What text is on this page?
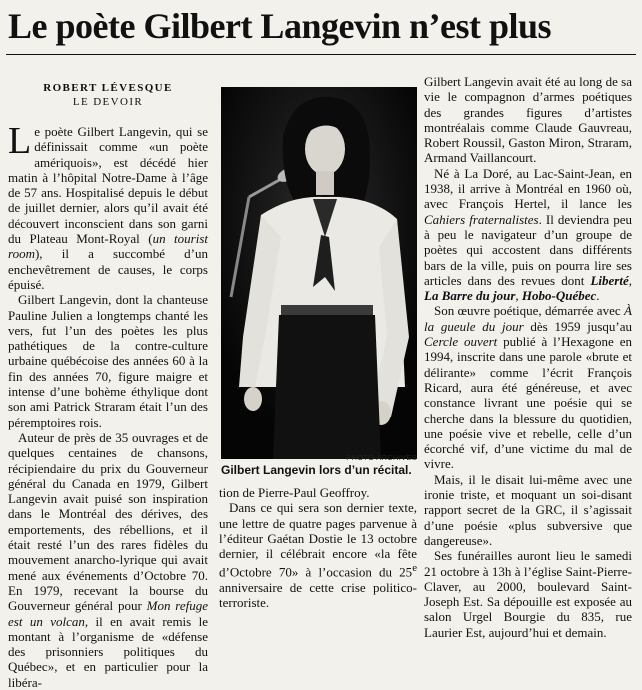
Le poète Gilbert Langevin n’est plus
ROBERT LÉVESQUE
LE DEVOIR

Le poète Gilbert Langevin, qui se définissait comme «un poète amériquois», est décédé hier matin à l’hôpital Notre-Dame à l’âge de 57 ans. Hospitalisé depuis le début de juillet dernier, alors qu’il avait été découvert inconscient dans son garni du Plateau Mont-Royal (un tourist room), il a succombé d’un enchevêtrement de causes, le corps épuisé.

Gilbert Langevin, dont la chanteuse Pauline Julien a longtemps chanté les vers, fut l’un des poètes les plus pathétiques de la contre-culture urbaine québécoise des années 60 à la fin des années 70, figure maigre et intense d’une bohème éthylique dont son ami Patrick Straram était l’un des péremptoires rois.

Auteur de près de 35 ouvrages et de quelques centaines de chansons, récipiendaire du prix du Gouverneur général du Canada en 1979, Gilbert Langevin avait puisé son inspiration dans le Montréal des dérives, des emportements, des rébellions, et il était resté l’un des rares fidèles du mouvement anarcho-lyrique qui avait mené aux événements d’Octobre 70. En 1979, recevant la bourse du Gouverneur général pour Mon refuge est un volcan, il en avait remis le montant à l’organisme de «défense des prisonniers politiques du Québec», et en particulier pour la libéra-

PHOTO ARCHIVES
Gilbert Langevin lors d’un récital.

tion de Pierre-Paul Geoffroy.

Dans ce qui sera son dernier texte, une lettre de quatre pages parvenue à l’éditeur Gaétan Dostie le 13 octobre dernier, il célébrait encore «la fête d’Octobre 70» à l’occasion du 25e anniversaire de cette crise politico-terroriste.

Gilbert Langevin avait été au long de sa vie le compagnon d’armes poétiques des grandes figures d’artistes montréalais comme Claude Gauvreau, Robert Roussil, Gaston Miron, Straram, Armand Vaillancourt.

Né à La Doré, au Lac-Saint-Jean, en 1938, il arrive à Montréal en 1960 où, avec François Hertel, il lance les Cahiers fraternalistes. Il deviendra peu à peu le navigateur d’un groupe de poètes qui accostent dans différents bars de la ville, puis on pourra lire ses articles dans des revues dont Liberté, La Barre du jour, Hobo-Québec.

Son œuvre poétique, démarrée avec À la gueule du jour dès 1959 jusqu’au Cercle ouvert publié à l’Hexagone en 1994, inscrite dans une parole «brute et délirante» comme l’écrit François Ricard, aura été généreuse, et avec constance livrant une poésie qui se cherche dans la blessure du quotidien, une poésie vive et rebelle, celle d’un écorché vif, d’une victime du mal de vivre.

Mais, il le disait lui-même avec une ironie triste, et moquant un soi-disant rapport secret de la GRC, il s’agissait d’une poésie «plus subversive que dangereuse».

Ses funérailles auront lieu le samedi 21 octobre à 13h à l’église Saint-Pierre-Claver, au 2000, boulevard Saint-Joseph Est. Sa dépouille est exposée au salon Urgel Bourgie du 835, rue Laurier Est, aujourd’hui et demain.
